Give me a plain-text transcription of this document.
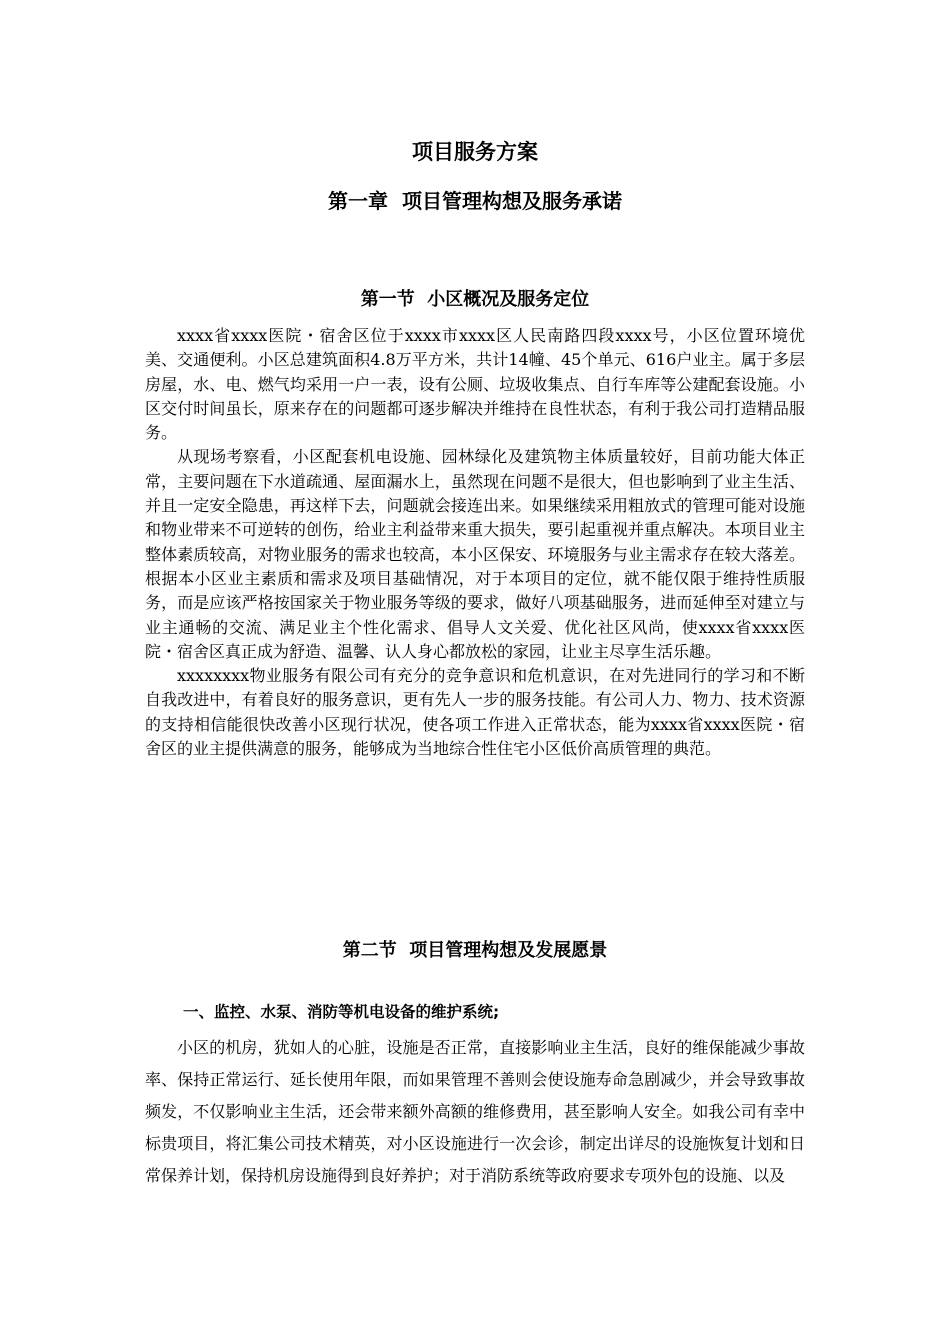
项目服务方案
第一章  项目管理构想及服务承诺
第一节  小区概况及服务定位

xxxx省xxxx医院・宿舍区位于xxxx市xxxx区人民南路四段xxxx号，小区位置环境优美、交通便利。小区总建筑面积4.8万平方米，共计14幢、45个单元、616户业主。属于多层房屋，水、电、燃气均采用一户一表，设有公厕、垃圾收集点、自行车库等公建配套设施。小区交付时间虽长，原来存在的问题都可逐步解决并维持在良性状态，有利于我公司打造精品服务。

从现场考察看，小区配套机电设施、园林绿化及建筑物主体质量较好，目前功能大体正常，主要问题在下水道疏通、屋面漏水上，虽然现在问题不是很大，但也影响到了业主生活、并且一定安全隐患，再这样下去，问题就会接连出来。如果继续采用粗放式的管理可能对设施和物业带来不可逆转的创伤，给业主利益带来重大损失，要引起重视并重点解决。本项目业主整体素质较高，对物业服务的需求也较高，本小区保安、环境服务与业主需求存在较大落差。根据本小区业主素质和需求及项目基础情况，对于本项目的定位，就不能仅限于维持性质服务，而是应该严格按国家关于物业服务等级的要求，做好八项基础服务，进而延伸至对建立与业主通畅的交流、满足业主个性化需求、倡导人文关爱、优化社区风尚，使xxxx省xxxx医院・宿舍区真正成为舒造、温馨、认人身心都放松的家园，让业主尽享生活乐趣。

xxxxxxxx物业服务有限公司有充分的竞争意识和危机意识，在对先进同行的学习和不断自我改进中，有着良好的服务意识，更有先人一步的服务技能。有公司人力、物力、技术资源的支持相信能很快改善小区现行状况，使各项工作进入正常状态，能为xxxx省xxxx医院・宿舍区的业主提供满意的服务，能够成为当地综合性住宅小区低价高质管理的典范。

第二节  项目管理构想及发展愿景
一、监控、水泵、消防等机电设备的维护系统;

小区的机房，犹如人的心脏，设施是否正常，直接影响业主生活，良好的维保能减少事故率、保持正常运行、延长使用年限，而如果管理不善则会使设施寿命急剧减少，并会导致事故频发，不仅影响业主生活，还会带来额外高额的维修费用，甚至影响人安全。如我公司有幸中标贵项目，将汇集公司技术精英，对小区设施进行一次会诊，制定出详尽的设施恢复计划和日常保养计划，保持机房设施得到良好养护；对于消防系统等政府要求专项外包的设施、以及
